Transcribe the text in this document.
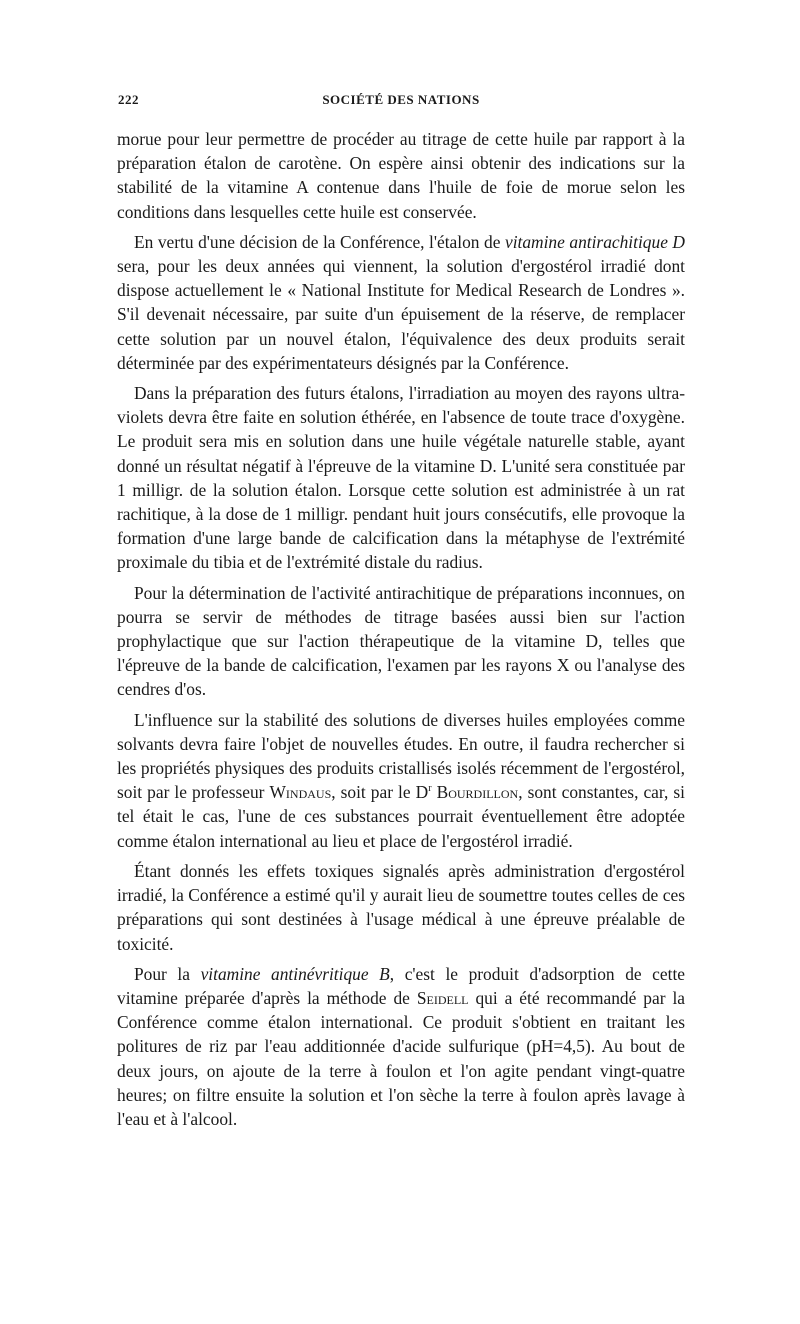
222	SOCIÉTÉ DES NATIONS

morue pour leur permettre de procéder au titrage de cette huile par rapport à la préparation étalon de carotène. On espère ainsi obtenir des indications sur la stabilité de la vitamine A contenue dans l'huile de foie de morue selon les conditions dans lesquelles cette huile est conservée.

En vertu d'une décision de la Conférence, l'étalon de vitamine antirachitique D sera, pour les deux années qui viennent, la solution d'ergostérol irradié dont dispose actuellement le « National Institute for Medical Research de Londres ». S'il devenait nécessaire, par suite d'un épuisement de la réserve, de remplacer cette solution par un nouvel étalon, l'équivalence des deux produits serait déterminée par des expérimentateurs désignés par la Conférence.

Dans la préparation des futurs étalons, l'irradiation au moyen des rayons ultra-violets devra être faite en solution éthérée, en l'absence de toute trace d'oxygène. Le produit sera mis en solution dans une huile végétale naturelle stable, ayant donné un résultat négatif à l'épreuve de la vitamine D. L'unité sera constituée par 1 milligr. de la solution étalon. Lorsque cette solution est administrée à un rat rachitique, à la dose de 1 milligr. pendant huit jours consécutifs, elle provoque la formation d'une large bande de calcification dans la métaphyse de l'extrémité proximale du tibia et de l'extrémité distale du radius.

Pour la détermination de l'activité antirachitique de préparations inconnues, on pourra se servir de méthodes de titrage basées aussi bien sur l'action prophylactique que sur l'action thérapeutique de la vitamine D, telles que l'épreuve de la bande de calcification, l'examen par les rayons X ou l'analyse des cendres d'os.

L'influence sur la stabilité des solutions de diverses huiles employées comme solvants devra faire l'objet de nouvelles études. En outre, il faudra rechercher si les propriétés physiques des produits cristallisés isolés récemment de l'ergostérol, soit par le professeur Windaus, soit par le $D^r$ Bourdillon, sont constantes, car, si tel était le cas, l'une de ces substances pourrait éventuellement être adoptée comme étalon international au lieu et place de l'ergostérol irradié.

Étant donnés les effets toxiques signalés après administration d'ergostérol irradié, la Conférence a estimé qu'il y aurait lieu de soumettre toutes celles de ces préparations qui sont destinées à l'usage médical à une épreuve préalable de toxicité.

Pour la vitamine antinévritique B, c'est le produit d'adsorption de cette vitamine préparée d'après la méthode de Seidell qui a été recommandé par la Conférence comme étalon international. Ce produit s'obtient en traitant les politures de riz par l'eau additionnée d'acide sulfurique (pH=4,5). Au bout de deux jours, on ajoute de la terre à foulon et l'on agite pendant vingt-quatre heures; on filtre ensuite la solution et l'on sèche la terre à foulon après lavage à l'eau et à l'alcool.
